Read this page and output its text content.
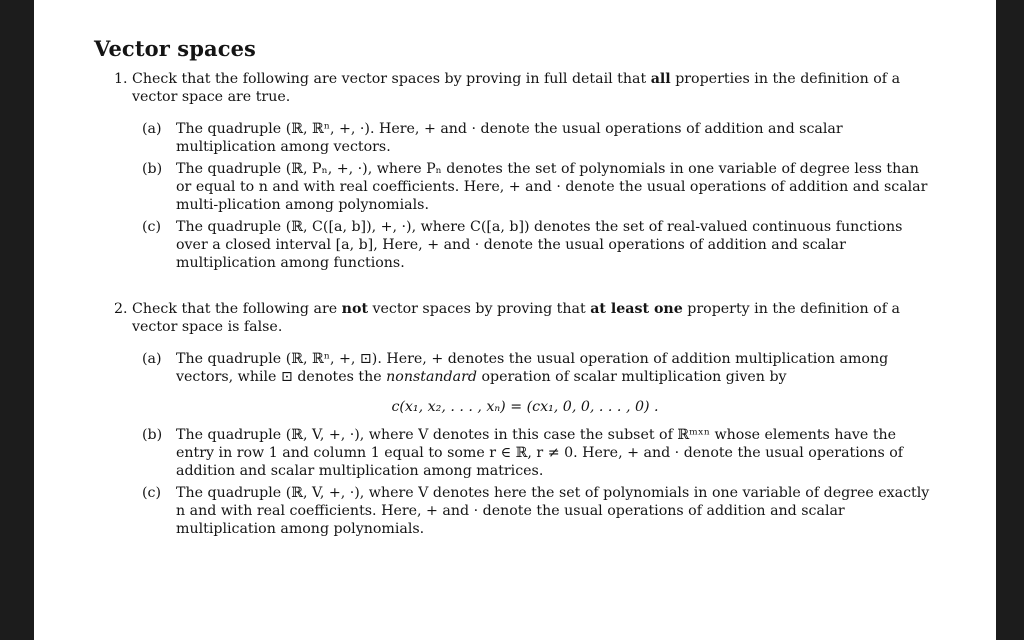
Vector spaces
1. Check that the following are vector spaces by proving in full detail that all properties in the definition of a vector space are true.
(a) The quadruple (ℝ, ℝⁿ, +, ·). Here, + and · denote the usual operations of addition and scalar multiplication among vectors.
(b) The quadruple (ℝ, Pₙ, +, ·), where Pₙ denotes the set of polynomials in one variable of degree less than or equal to n and with real coefficients. Here, + and · denote the usual operations of addition and scalar multi-plication among polynomials.
(c) The quadruple (ℝ, C([a, b]), +, ·), where C([a, b]) denotes the set of real-valued continuous functions over a closed interval [a, b], Here, + and · denote the usual operations of addition and scalar multiplication among functions.
2. Check that the following are not vector spaces by proving that at least one property in the definition of a vector space is false.
(a) The quadruple (ℝ, ℝⁿ, +, ⊡). Here, + denotes the usual operation of addition multiplication among vectors, while ⊡ denotes the nonstandard operation of scalar multiplication given by
c(x₁, x₂, . . . , xₙ) = (cx₁, 0, 0, . . . , 0) .
(b) The quadruple (ℝ, V, +, ·), where V denotes in this case the subset of ℝᵐˣⁿ whose elements have the entry in row 1 and column 1 equal to some r ∈ ℝ, r ≠ 0. Here, + and · denote the usual operations of addition and scalar multiplication among matrices.
(c) The quadruple (ℝ, V, +, ·), where V denotes here the set of polynomials in one variable of degree exactly n and with real coefficients. Here, + and · denote the usual operations of addition and scalar multiplication among polynomials.
